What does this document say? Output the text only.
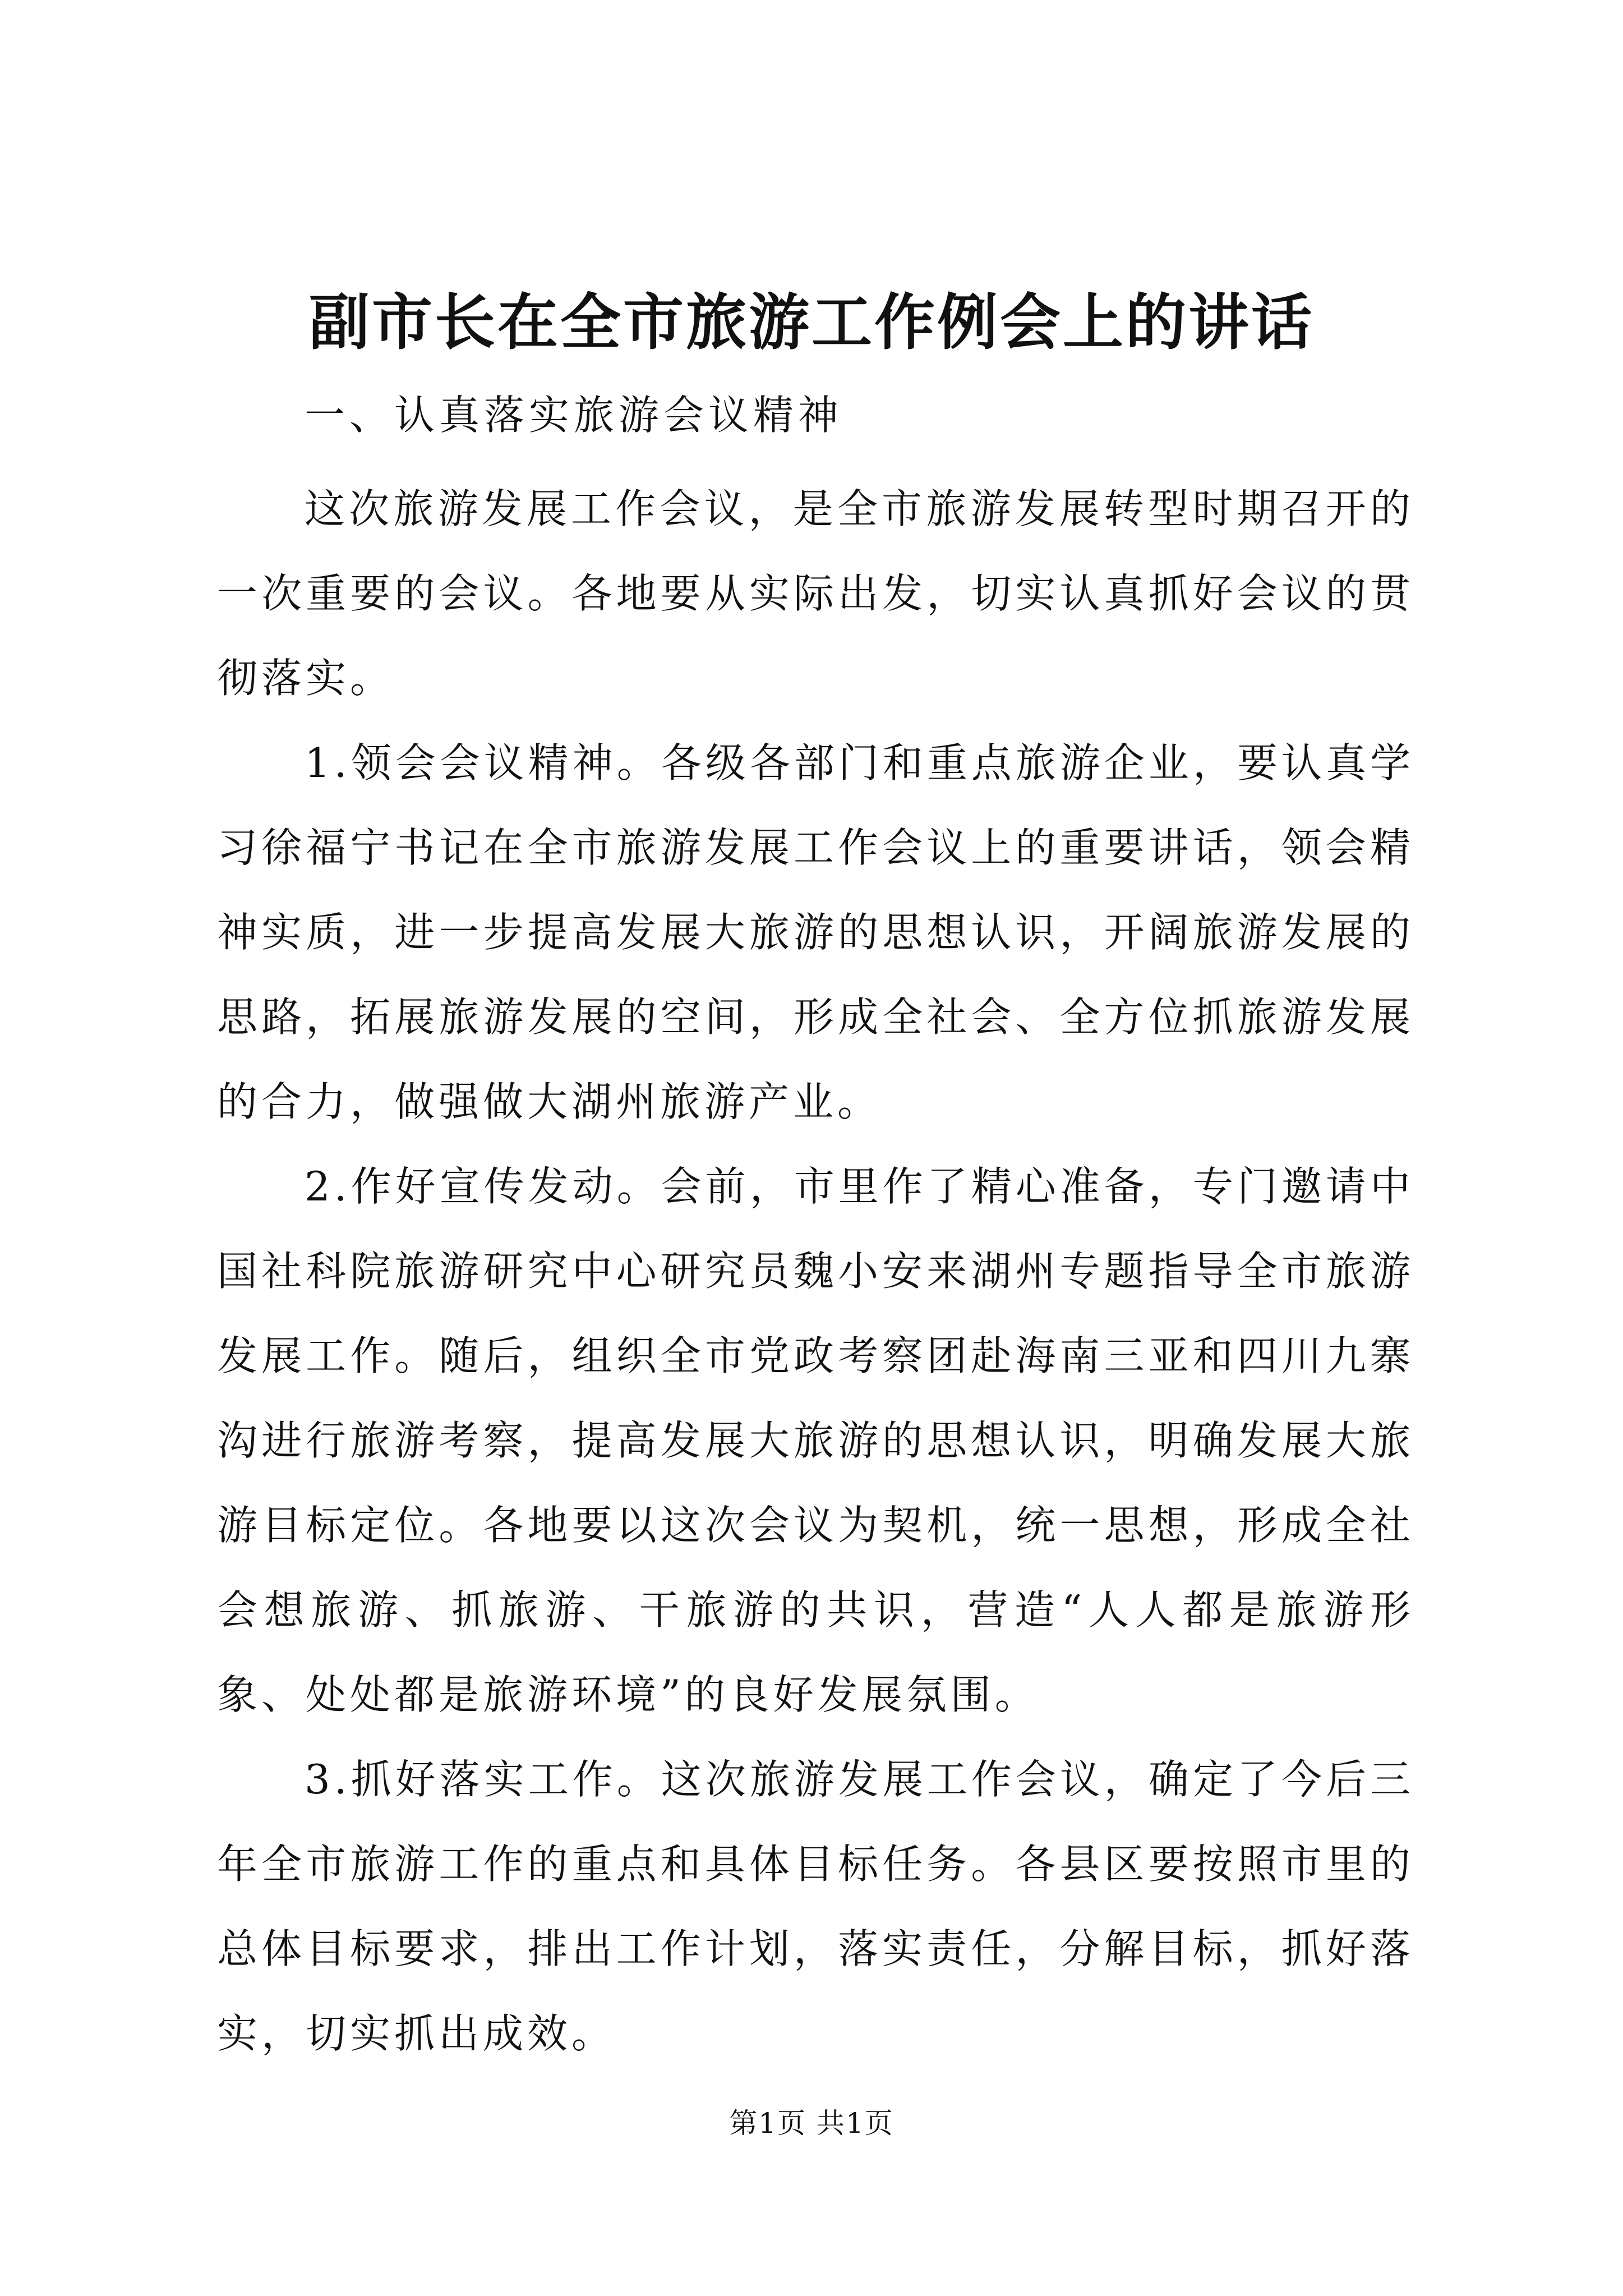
副市长在全市旅游工作例会上的讲话

一、认真落实旅游会议精神

这次旅游发展工作会议，是全市旅游发展转型时期召开的一次重要的会议。各地要从实际出发，切实认真抓好会议的贯彻落实。

1.领会会议精神。各级各部门和重点旅游企业，要认真学习徐福宁书记在全市旅游发展工作会议上的重要讲话，领会精神实质，进一步提高发展大旅游的思想认识，开阔旅游发展的思路，拓展旅游发展的空间，形成全社会、全方位抓旅游发展的合力，做强做大湖州旅游产业。

2.作好宣传发动。会前，市里作了精心准备，专门邀请中国社科院旅游研究中心研究员魏小安来湖州专题指导全市旅游发展工作。随后，组织全市党政考察团赴海南三亚和四川九寨沟进行旅游考察，提高发展大旅游的思想认识，明确发展大旅游目标定位。各地要以这次会议为契机，统一思想，形成全社会想旅游、抓旅游、干旅游的共识，营造“人人都是旅游形象、处处都是旅游环境”的良好发展氛围。

3.抓好落实工作。这次旅游发展工作会议，确定了今后三年全市旅游工作的重点和具体目标任务。各县区要按照市里的总体目标要求，排出工作计划，落实责任，分解目标，抓好落实，切实抓出成效。

第1页 共1页
